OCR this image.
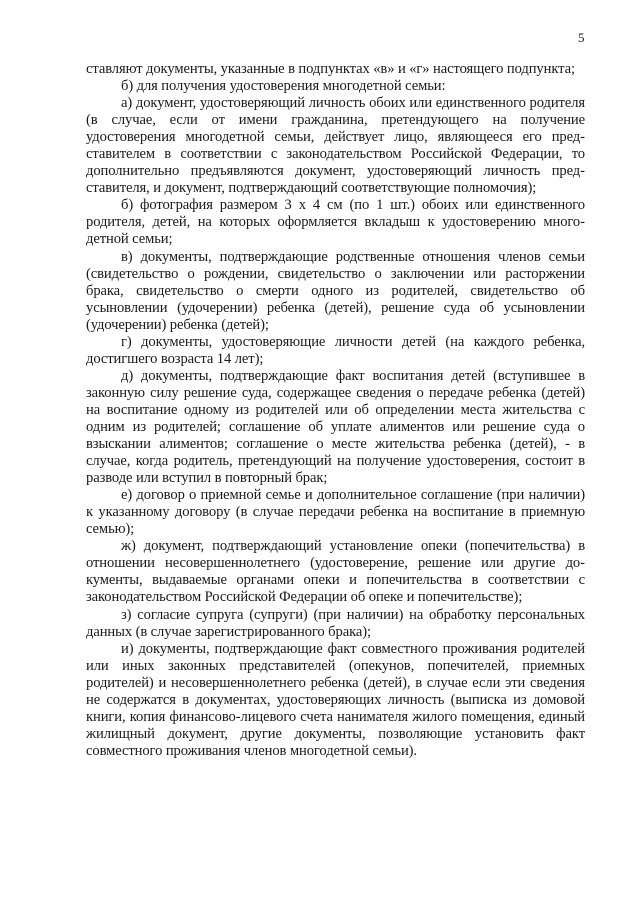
5

ставляют документы, указанные в подпунктах «в» и «г» настоящего подпункта;

б) для получения удостоверения многодетной семьи:

а) документ, удостоверяющий личность обоих или единственного родителя (в случае, если от имени гражданина, претендующего на получение удостоверения многодетной семьи, действует лицо, являющееся его представителем в соответствии с законодательством Российской Федерации, то дополнительно предъявляются документ, удостоверяющий личность представителя, и документ, подтверждающий соответствующие полномочия);

б) фотография размером 3 х 4 см (по 1 шт.) обоих или единственного родителя, детей, на которых оформляется вкладыш к удостоверению многодетной семьи;

в) документы, подтверждающие родственные отношения членов семьи (свидетельство о рождении, свидетельство о заключении или расторжении брака, свидетельство о смерти одного из родителей, свидетельство об усыновлении (удочерении) ребенка (детей), решение суда об усыновлении (удочерении) ребенка (детей);

г) документы, удостоверяющие личности детей (на каждого ребенка, достигшего возраста 14 лет);

д) документы, подтверждающие факт воспитания детей (вступившее в законную силу решение суда, содержащее сведения о передаче ребенка (детей) на воспитание одному из родителей или об определении места жительства с одним из родителей; соглашение об уплате алиментов или решение суда о взыскании алиментов; соглашение о месте жительства ребенка (детей), - в случае, когда родитель, претендующий на получение удостоверения, состоит в разводе или вступил в повторный брак;

е) договор о приемной семье и дополнительное соглашение (при наличии) к указанному договору (в случае передачи ребенка на воспитание в приемную семью);

ж) документ, подтверждающий установление опеки (попечительства) в отношении несовершеннолетнего (удостоверение, решение или другие документы, выдаваемые органами опеки и попечительства в соответствии с законодательством Российской Федерации об опеке и попечительстве);

з) согласие супруга (супруги) (при наличии) на обработку персональных данных (в случае зарегистрированного брака);

и) документы, подтверждающие факт совместного проживания родителей или иных законных представителей (опекунов, попечителей, приемных родителей) и несовершеннолетнего ребенка (детей), в случае если эти сведения не содержатся в документах, удостоверяющих личность (выписка из домовой книги, копия финансово-лицевого счета нанимателя жилого помещения, единый жилищный документ, другие документы, позволяющие установить факт совместного проживания членов многодетной семьи).
